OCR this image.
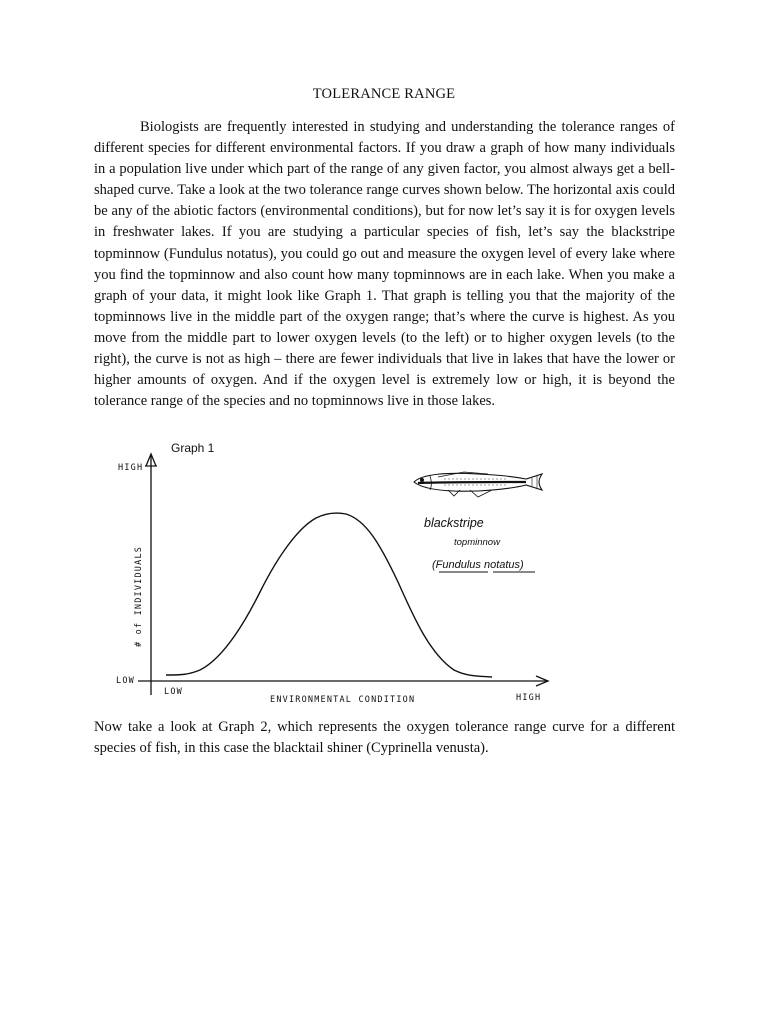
TOLERANCE RANGE

Biologists are frequently interested in studying and understanding the tolerance ranges of different species for different environmental factors. If you draw a graph of how many individuals in a population live under which part of the range of any given factor, you almost always get a bell-shaped curve. Take a look at the two tolerance range curves shown below. The horizontal axis could be any of the abiotic factors (environmental conditions), but for now let’s say it is for oxygen levels in freshwater lakes. If you are studying a particular species of fish, let’s say the blackstripe topminnow (Fundulus notatus), you could go out and measure the oxygen level of every lake where you find the topminnow and also count how many topminnows are in each lake. When you make a graph of your data, it might look like Graph 1. That graph is telling you that the majority of the topminnows live in the middle part of the oxygen range; that’s where the curve is highest. As you move from the middle part to lower oxygen levels (to the left) or to higher oxygen levels (to the right), the curve is not as high – there are fewer individuals that live in lakes that have the lower or higher amounts of oxygen. And if the oxygen level is extremely low or high, it is beyond the tolerance range of the species and no topminnows live in those lakes.

Graph 1
HIGH
LOW
LOW
HIGH
# of INDIVIDUALS
ENVIRONMENTAL CONDITION
blackstripe
topminnow
(Fundulus notatus)

Now take a look at Graph 2, which represents the oxygen tolerance range curve for a different species of fish, in this case the blacktail shiner (Cyprinella venusta).
